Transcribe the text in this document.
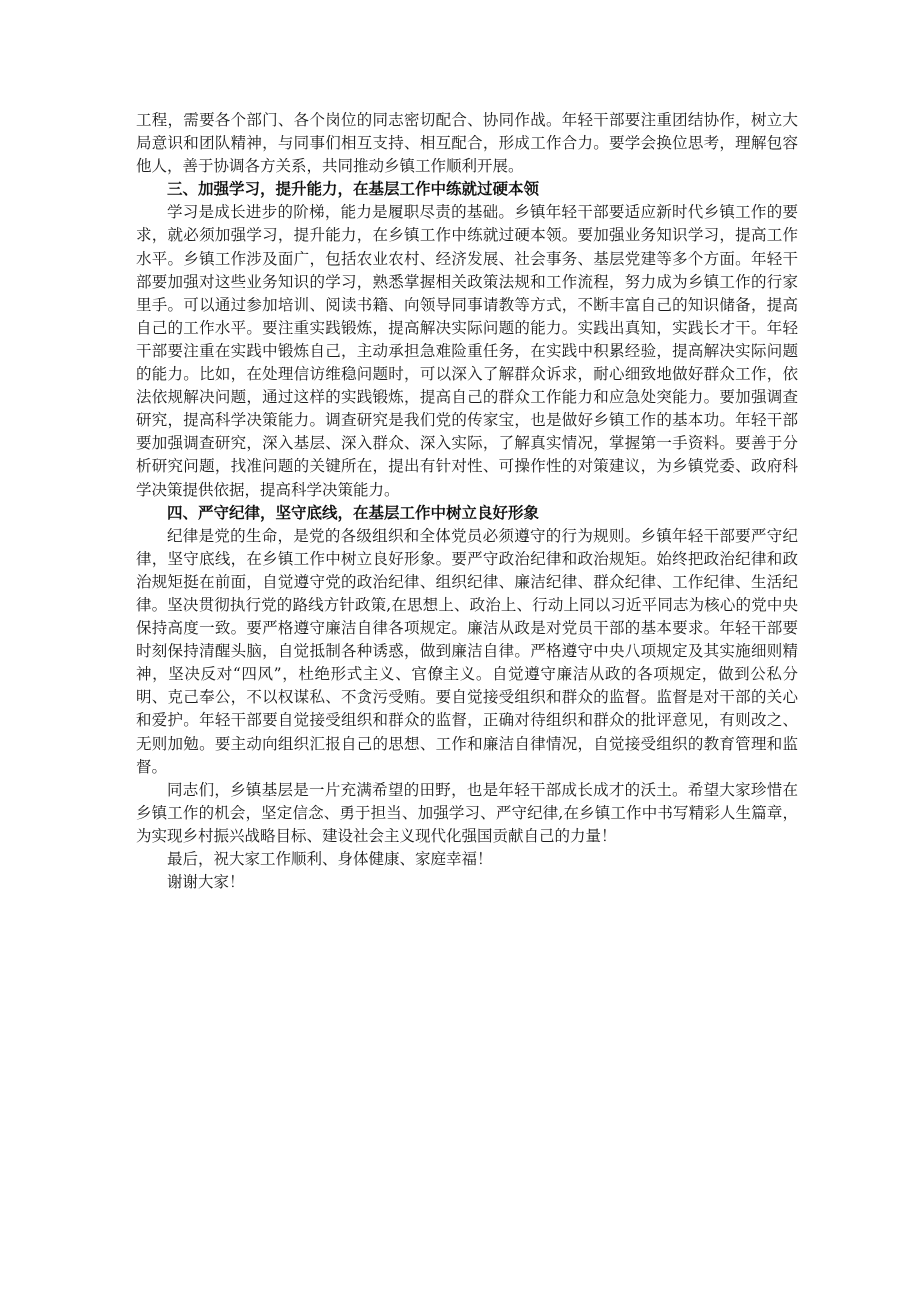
工程，需要各个部门、各个岗位的同志密切配合、协同作战。年轻干部要注重团结协作，树立大局意识和团队精神，与同事们相互支持、相互配合，形成工作合力。要学会换位思考，理解包容他人，善于协调各方关系，共同推动乡镇工作顺利开展。

三、加强学习，提升能力，在基层工作中练就过硬本领

学习是成长进步的阶梯，能力是履职尽责的基础。乡镇年轻干部要适应新时代乡镇工作的要求，就必须加强学习，提升能力，在乡镇工作中练就过硬本领。要加强业务知识学习，提高工作水平。乡镇工作涉及面广，包括农业农村、经济发展、社会事务、基层党建等多个方面。年轻干部要加强对这些业务知识的学习，熟悉掌握相关政策法规和工作流程，努力成为乡镇工作的行家里手。可以通过参加培训、阅读书籍、向领导同事请教等方式，不断丰富自己的知识储备，提高自己的工作水平。要注重实践锻炼，提高解决实际问题的能力。实践出真知，实践长才干。年轻干部要注重在实践中锻炼自己，主动承担急难险重任务，在实践中积累经验，提高解决实际问题的能力。比如，在处理信访维稳问题时，可以深入了解群众诉求，耐心细致地做好群众工作，依法依规解决问题，通过这样的实践锻炼，提高自己的群众工作能力和应急处突能力。要加强调查研究，提高科学决策能力。调查研究是我们党的传家宝，也是做好乡镇工作的基本功。年轻干部要加强调查研究，深入基层、深入群众、深入实际，了解真实情况，掌握第一手资料。要善于分析研究问题，找准问题的关键所在，提出有针对性、可操作性的对策建议，为乡镇党委、政府科学决策提供依据，提高科学决策能力。

四、严守纪律，坚守底线，在基层工作中树立良好形象

纪律是党的生命，是党的各级组织和全体党员必须遵守的行为规则。乡镇年轻干部要严守纪律，坚守底线，在乡镇工作中树立良好形象。要严守政治纪律和政治规矩。始终把政治纪律和政治规矩挺在前面，自觉遵守党的政治纪律、组织纪律、廉洁纪律、群众纪律、工作纪律、生活纪律。坚决贯彻执行党的路线方针政策,在思想上、政治上、行动上同以习近平同志为核心的党中央保持高度一致。要严格遵守廉洁自律各项规定。廉洁从政是对党员干部的基本要求。年轻干部要时刻保持清醒头脑，自觉抵制各种诱惑，做到廉洁自律。严格遵守中央八项规定及其实施细则精神，坚决反对“四风”，杜绝形式主义、官僚主义。自觉遵守廉洁从政的各项规定，做到公私分明、克己奉公，不以权谋私、不贪污受贿。要自觉接受组织和群众的监督。监督是对干部的关心和爱护。年轻干部要自觉接受组织和群众的监督，正确对待组织和群众的批评意见，有则改之、无则加勉。要主动向组织汇报自己的思想、工作和廉洁自律情况，自觉接受组织的教育管理和监督。

同志们，乡镇基层是一片充满希望的田野，也是年轻干部成长成才的沃土。希望大家珍惜在乡镇工作的机会，坚定信念、勇于担当、加强学习、严守纪律,在乡镇工作中书写精彩人生篇章，为实现乡村振兴战略目标、建设社会主义现代化强国贡献自己的力量！

最后，祝大家工作顺利、身体健康、家庭幸福！

谢谢大家！
